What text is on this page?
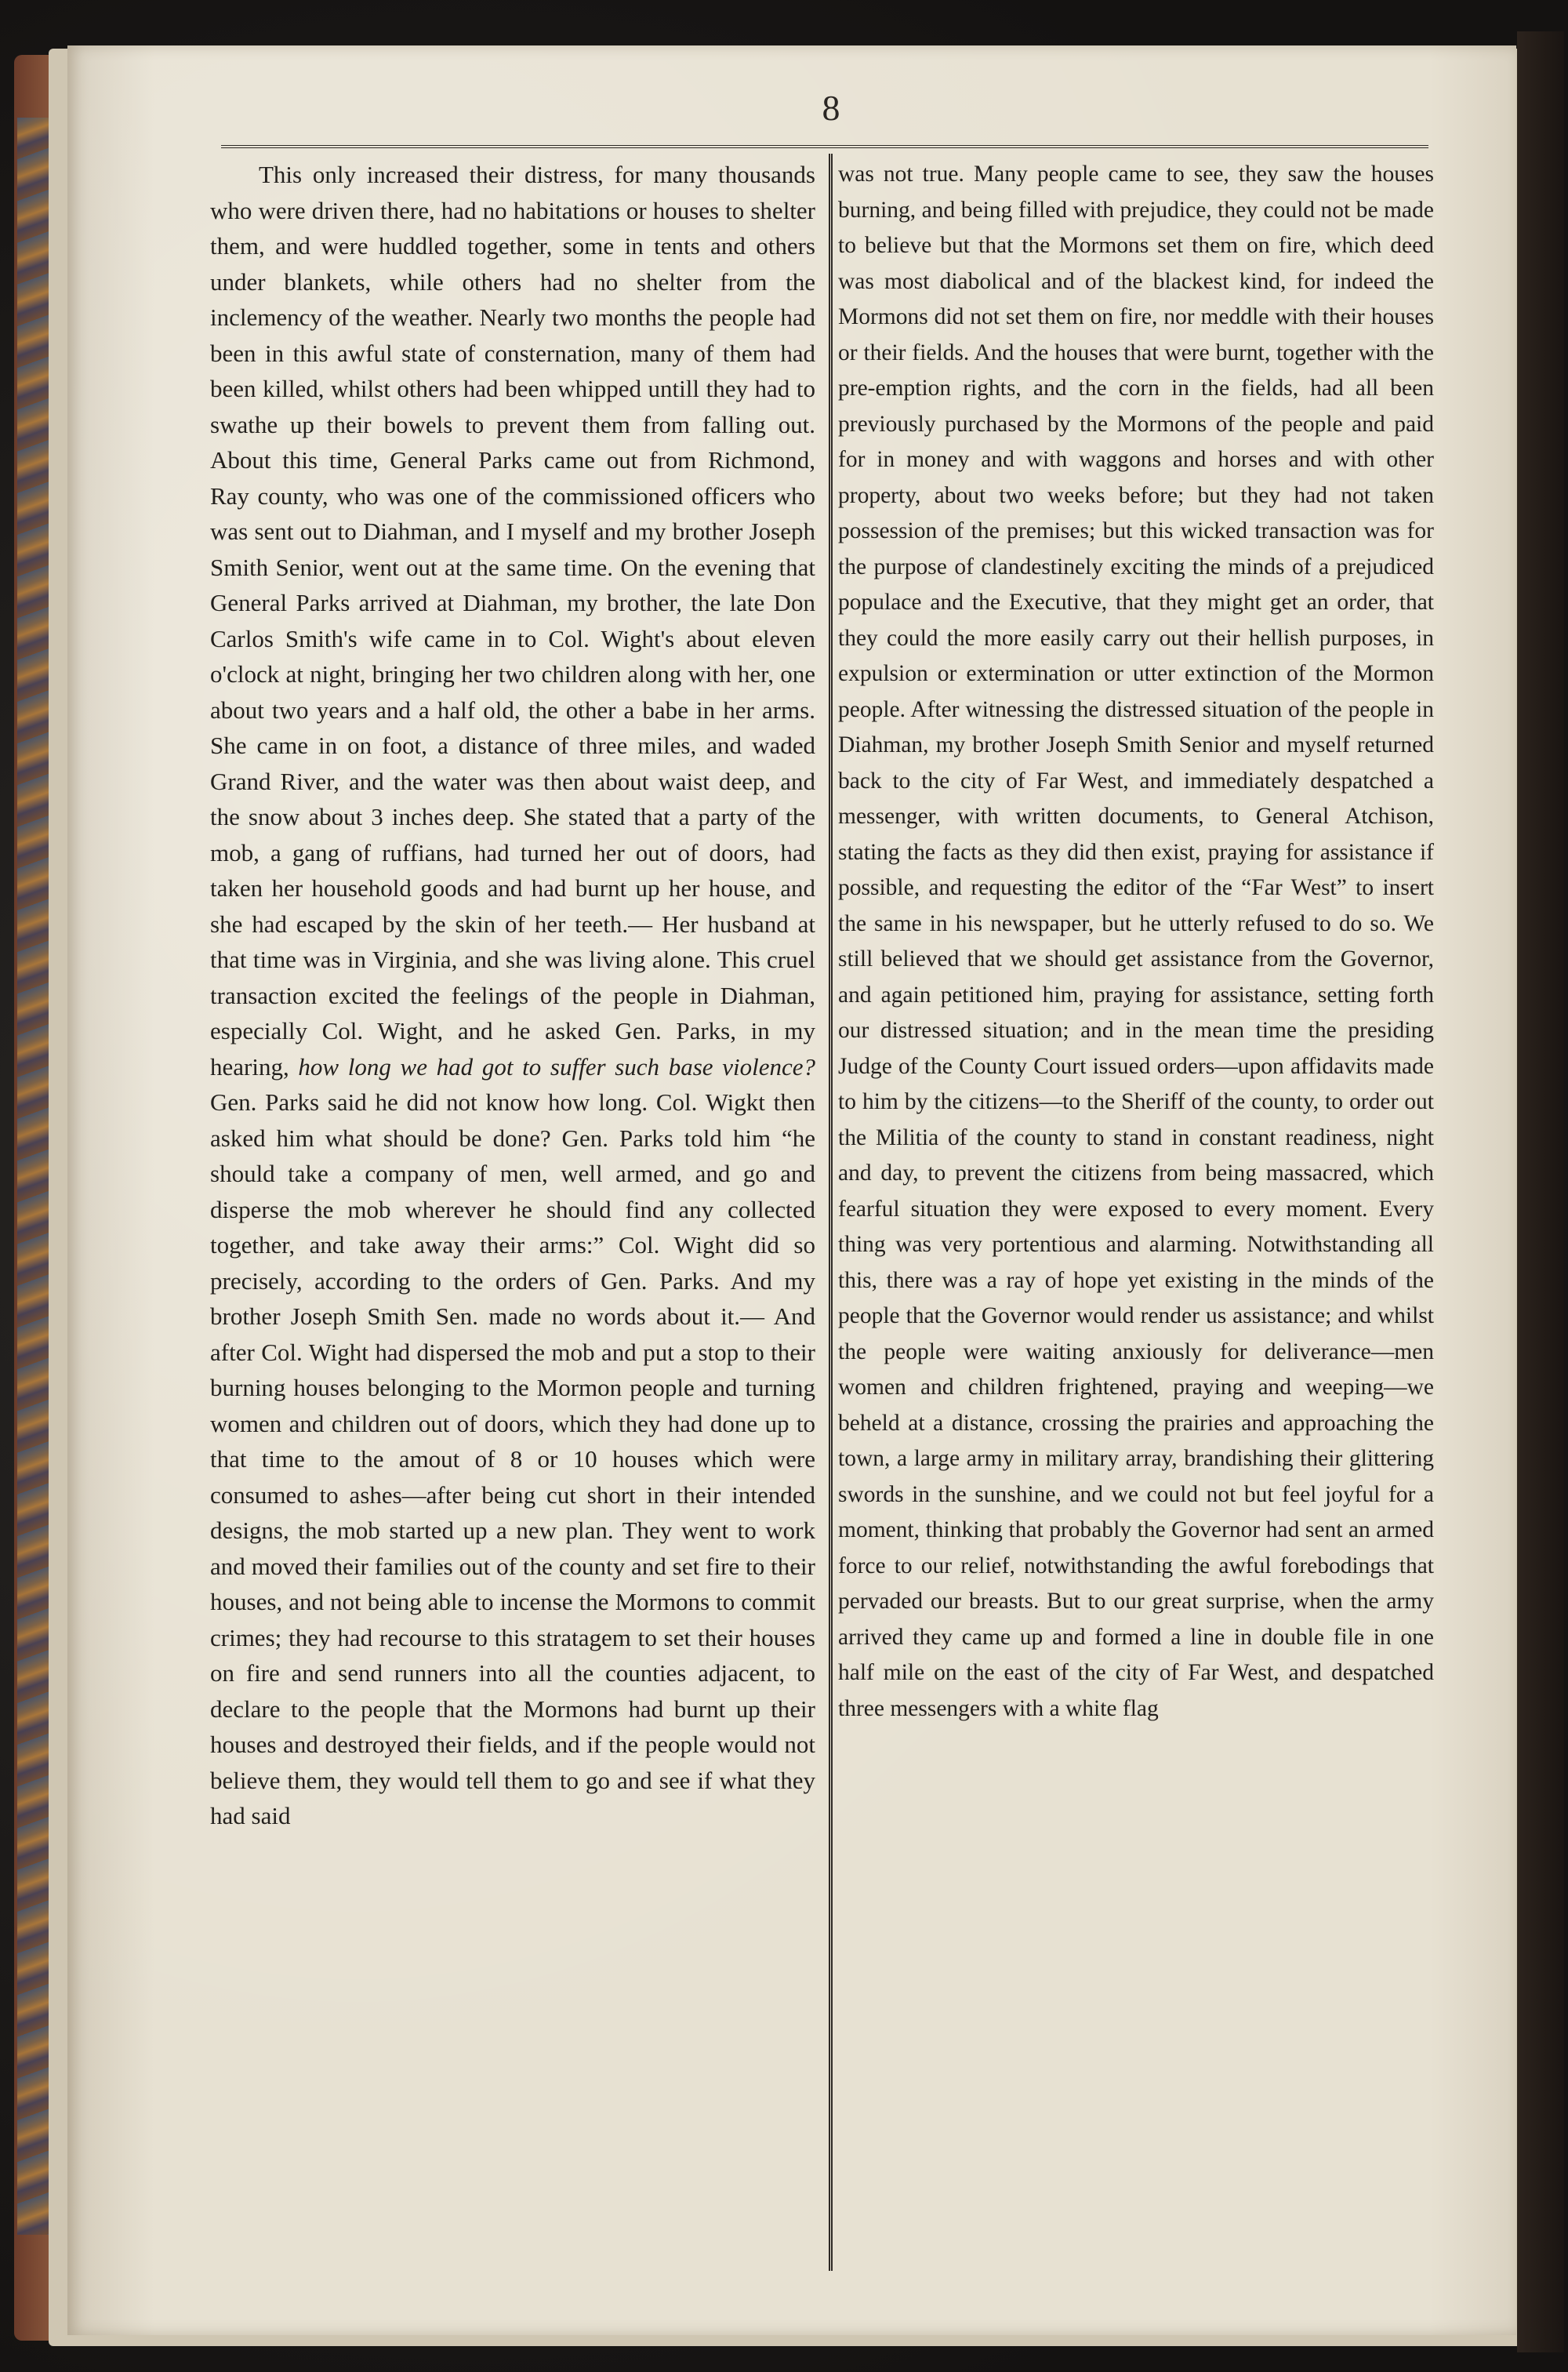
8

This only increased their distress, for many thousands who were driven there, had no habitations or houses to shelter them, and were huddled together, some in tents and others under blankets, while others had no shelter from the inclemency of the weather. Nearly two months the people had been in this awful state of consternation, many of them had been killed, whilst others had been whipped untill they had to swathe up their bowels to prevent them from falling out. About this time, General Parks came out from Richmond, Ray county, who was one of the commissioned officers who was sent out to Diahman, and I myself and my brother Joseph Smith Senior, went out at the same time. On the evening that General Parks arrived at Diahman, my brother, the late Don Carlos Smith's wife came in to Col. Wight's about eleven o'clock at night, bringing her two children along with her, one about two years and a half old, the other a babe in her arms. She came in on foot, a distance of three miles, and waded Grand River, and the water was then about waist deep, and the snow about 3 inches deep. She stated that a party of the mob, a gang of ruffians, had turned her out of doors, had taken her household goods and had burnt up her house, and she had escaped by the skin of her teeth.— Her husband at that time was in Virginia, and she was living alone. This cruel transaction excited the feelings of the people in Diahman, especially Col. Wight, and he asked Gen. Parks, in my hearing, how long we had got to suffer such base violence? Gen. Parks said he did not know how long. Col. Wigkt then asked him what should be done? Gen. Parks told him “he should take a company of men, well armed, and go and disperse the mob wherever he should find any collected together, and take away their arms:” Col. Wight did so precisely, according to the orders of Gen. Parks. And my brother Joseph Smith Sen. made no words about it.— And after Col. Wight had dispersed the mob and put a stop to their burning houses belonging to the Mormon people and turning women and children out of doors, which they had done up to that time to the amout of 8 or 10 houses which were consumed to ashes—after being cut short in their intended designs, the mob started up a new plan. They went to work and moved their families out of the county and set fire to their houses, and not being able to incense the Mormons to commit crimes; they had recourse to this stratagem to set their houses on fire and send runners into all the counties adjacent, to declare to the people that the Mormons had burnt up their houses and destroyed their fields, and if the people would not believe them, they would tell them to go and see if what they had said

was not true. Many people came to see, they saw the houses burning, and being filled with prejudice, they could not be made to believe but that the Mormons set them on fire, which deed was most diabolical and of the blackest kind, for indeed the Mormons did not set them on fire, nor meddle with their houses or their fields. And the houses that were burnt, together with the pre-emption rights, and the corn in the fields, had all been previously purchased by the Mormons of the people and paid for in money and with waggons and horses and with other property, about two weeks before; but they had not taken possession of the premises; but this wicked transaction was for the purpose of clandestinely exciting the minds of a prejudiced populace and the Executive, that they might get an order, that they could the more easily carry out their hellish purposes, in expulsion or extermination or utter extinction of the Mormon people. After witnessing the distressed situation of the people in Diahman, my brother Joseph Smith Senior and myself returned back to the city of Far West, and immediately despatched a messenger, with written documents, to General Atchison, stating the facts as they did then exist, praying for assistance if possible, and requesting the editor of the “Far West” to insert the same in his newspaper, but he utterly refused to do so. We still believed that we should get assistance from the Governor, and again petitioned him, praying for assistance, setting forth our distressed situation; and in the mean time the presiding Judge of the County Court issued orders—upon affidavits made to him by the citizens—to the Sheriff of the county, to order out the Militia of the county to stand in constant readiness, night and day, to prevent the citizens from being massacred, which fearful situation they were exposed to every moment. Every thing was very portentious and alarming. Notwithstanding all this, there was a ray of hope yet existing in the minds of the people that the Governor would render us assistance; and whilst the people were waiting anxiously for deliverance—men women and children frightened, praying and weeping—we beheld at a distance, crossing the prairies and approaching the town, a large army in military array, brandishing their glittering swords in the sunshine, and we could not but feel joyful for a moment, thinking that probably the Governor had sent an armed force to our relief, notwithstanding the awful forebodings that pervaded our breasts. But to our great surprise, when the army arrived they came up and formed a line in double file in one half mile on the east of the city of Far West, and despatched three messengers with a white flag
